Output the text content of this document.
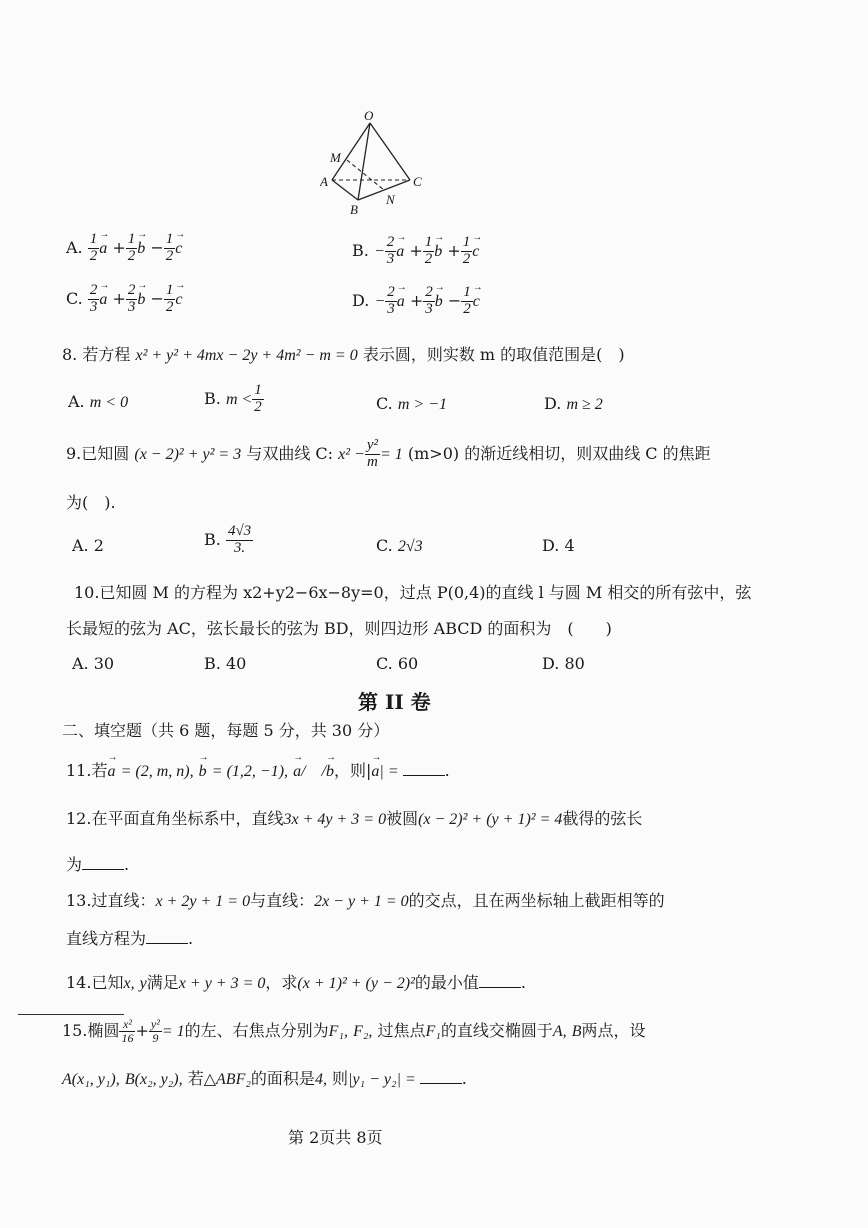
O
M
A
B
C
N
A. $\frac{1}{2}$
→ $a + \frac{1}{2}$
→ $b - \frac{1}{2}$
→ c	B. − $\frac{2}{3}$
→ $a + \frac{1}{2}$
→ $b + \frac{1}{2}$
→ c
C. $\frac{2}{3}$
→ $a + \frac{2}{3}$
→ $b - \frac{1}{2}$
→ c	D. − $\frac{2}{3}$
→ $a + \frac{2}{3}$
→ $b - \frac{1}{2}$
→ c
8. 若方程 x² + y² + 4mx − 2y + 4m² − m = 0 表示圆，则实数 m 的取值范围是(　)
A. m < 0	B. $m < \frac{1}{2}$	C. m > −1	D. m ≥ 2
9.已知圆 (x − 2)² + y² = 3 与双曲线 C: $x^2 - \frac{\text{y²}}{m} = 1$ (m>0) 的渐近线相切，则双曲线 C 的焦距
为(　).
A. 2	B. $\frac{4√3}{3.}$	C. 2√3	D. 4
10.已知圆 M 的方程为 x2+y2−6x−8y=0，过点 P(0,4)的直线 l 与圆 M 相交的所有弦中，弦
长最短的弦为 AC，弦长最长的弦为 BD，则四边形 ABCD 的面积为　(　　)
A. 30	B. 40	C. 60	D. 80
第 II 卷
二、填空题（共 6 题，每题 5 分，共 30 分）
11.若→ a = (2, m, n), → b = (1,2, −1), → a/　/→ b，则|→ a| =	.
12.在平面直角坐标系中，直线3x + 4y + 3 = 0被圆(x − 2)² + (y + 1)² = 4截得的弦长
为	.
13.过直线：x + 2y + 1 = 0与直线：2x − y + 1 = 0的交点，且在两坐标轴上截距相等的
直线方程为	.
14.已知x, y满足x + y + 3 = 0，求(x + 1)² + (y − 2)²的最小值	.
15.椭圆 $\frac{\text{x²}}{16} + \frac{\text{y²}}{9} = 1$的左、右焦点分别为F₁, F₂, 过焦点F₁的直线交椭圆于A, B两点，设
A(x₁, y₁), B(x₂, y₂), 若△ABF₂的面积是4, 则|y₁ − y₂| =	.
第 2页共 8页
